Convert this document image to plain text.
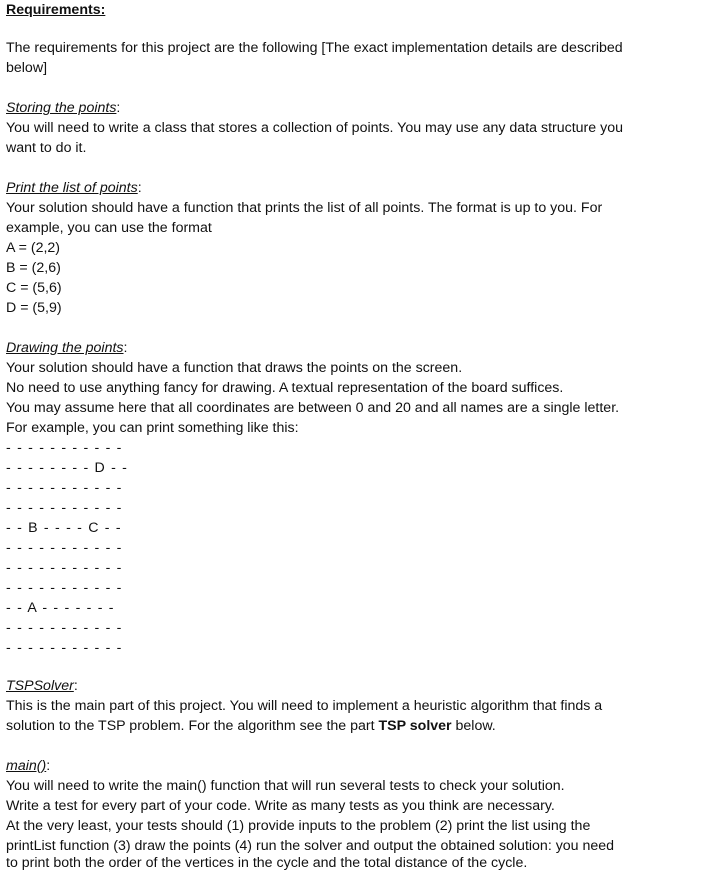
Requirements:
The requirements for this project are the following [The exact implementation details are described
below]
Storing the points:
You will need to write a class that stores a collection of points. You may use any data structure you
want to do it.
Print the list of points:
Your solution should have a function that prints the list of all points. The format is up to you. For
example, you can use the format
A = (2,2)
B = (2,6)
C = (5,6)
D = (5,9)
Drawing the points:
Your solution should have a function that draws the points on the screen.
No need to use anything fancy for drawing. A textual representation of the board suffices.
You may assume here that all coordinates are between 0 and 20 and all names are a single letter.
For example, you can print something like this:
- - - - - - - - - - -
- - - - - - - - D - -
- - - - - - - - - - -
- - - - - - - - - - -
- - B - - - - C - -
- - - - - - - - - - -
- - - - - - - - - - -
- - - - - - - - - - -
- - A - - - - - - -
- - - - - - - - - - -
- - - - - - - - - - -
TSPSolver:
This is the main part of this project. You will need to implement a heuristic algorithm that finds a
solution to the TSP problem. For the algorithm see the part TSP solver below.
main():
You will need to write the main() function that will run several tests to check your solution.
Write a test for every part of your code. Write as many tests as you think are necessary.
At the very least, your tests should (1) provide inputs to the problem (2) print the list using the
printList function (3) draw the points (4) run the solver and output the obtained solution: you need
to print both the order of the vertices in the cycle and the total distance of the cycle.
